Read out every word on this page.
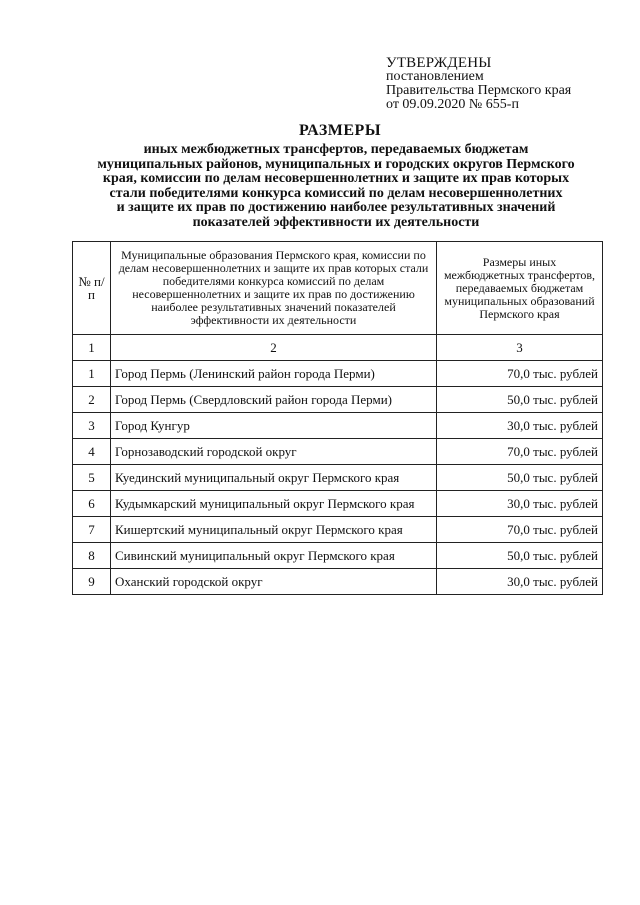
УТВЕРЖДЕНЫ
постановлением
Правительства Пермского края
от 09.09.2020 № 655-п
РАЗМЕРЫ
иных межбюджетных трансфертов, передаваемых бюджетам
муниципальных районов, муниципальных и городских округов Пермского
края, комиссии по делам несовершеннолетних и защите их прав которых
стали победителями конкурса комиссий по делам несовершеннолетних
и защите их прав по достижению наиболее результативных значений
показателей эффективности их деятельности
№ п/п	Муниципальные образования Пермского края, комиссии по делам несовершеннолетних и защите их прав которых стали победителями конкурса комиссий по делам несовершеннолетних и защите их прав по достижению наиболее результативных значений показателей эффективности их деятельности	Размеры иных межбюджетных трансфертов, передаваемых бюджетам муниципальных образований Пермского края
1	2	3
1	Город Пермь (Ленинский район города Перми)	70,0 тыс. рублей
2	Город Пермь (Свердловский район города Перми)	50,0 тыс. рублей
3	Город Кунгур	30,0 тыс. рублей
4	Горнозаводский городской округ	70,0 тыс. рублей
5	Куединский муниципальный округ Пермского края	50,0 тыс. рублей
6	Кудымкарский муниципальный округ Пермского края	30,0 тыс. рублей
7	Кишертский муниципальный округ Пермского края	70,0 тыс. рублей
8	Сивинский муниципальный округ Пермского края	50,0 тыс. рублей
9	Оханский городской округ	30,0 тыс. рублей
